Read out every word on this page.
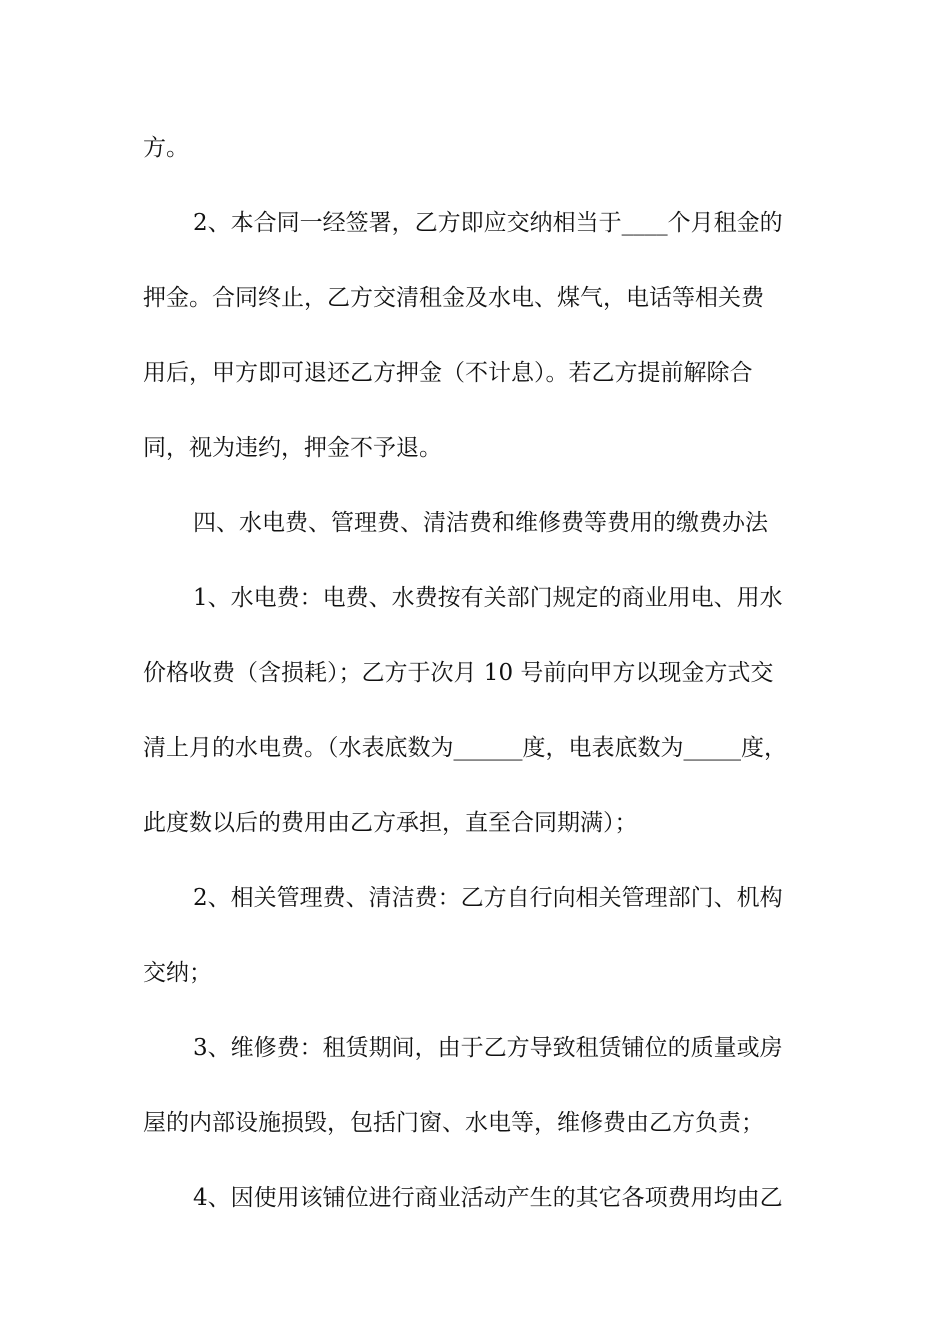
方。
2、本合同一经签署，乙方即应交纳相当于____个月租金的
押金。合同终止，乙方交清租金及水电、煤气，电话等相关费
用后，甲方即可退还乙方押金（不计息）。若乙方提前解除合
同，视为违约，押金不予退。
四、水电费、管理费、清洁费和维修费等费用的缴费办法
1、水电费：电费、水费按有关部门规定的商业用电、用水
价格收费（含损耗）；乙方于次月 10 号前向甲方以现金方式交
清上月的水电费。（水表底数为______度，电表底数为_____度，
此度数以后的费用由乙方承担，直至合同期满）；
2、相关管理费、清洁费：乙方自行向相关管理部门、机构
交纳；
3、维修费：租赁期间，由于乙方导致租赁铺位的质量或房
屋的内部设施损毁，包括门窗、水电等，维修费由乙方负责；
4、因使用该铺位进行商业活动产生的其它各项费用均由乙
